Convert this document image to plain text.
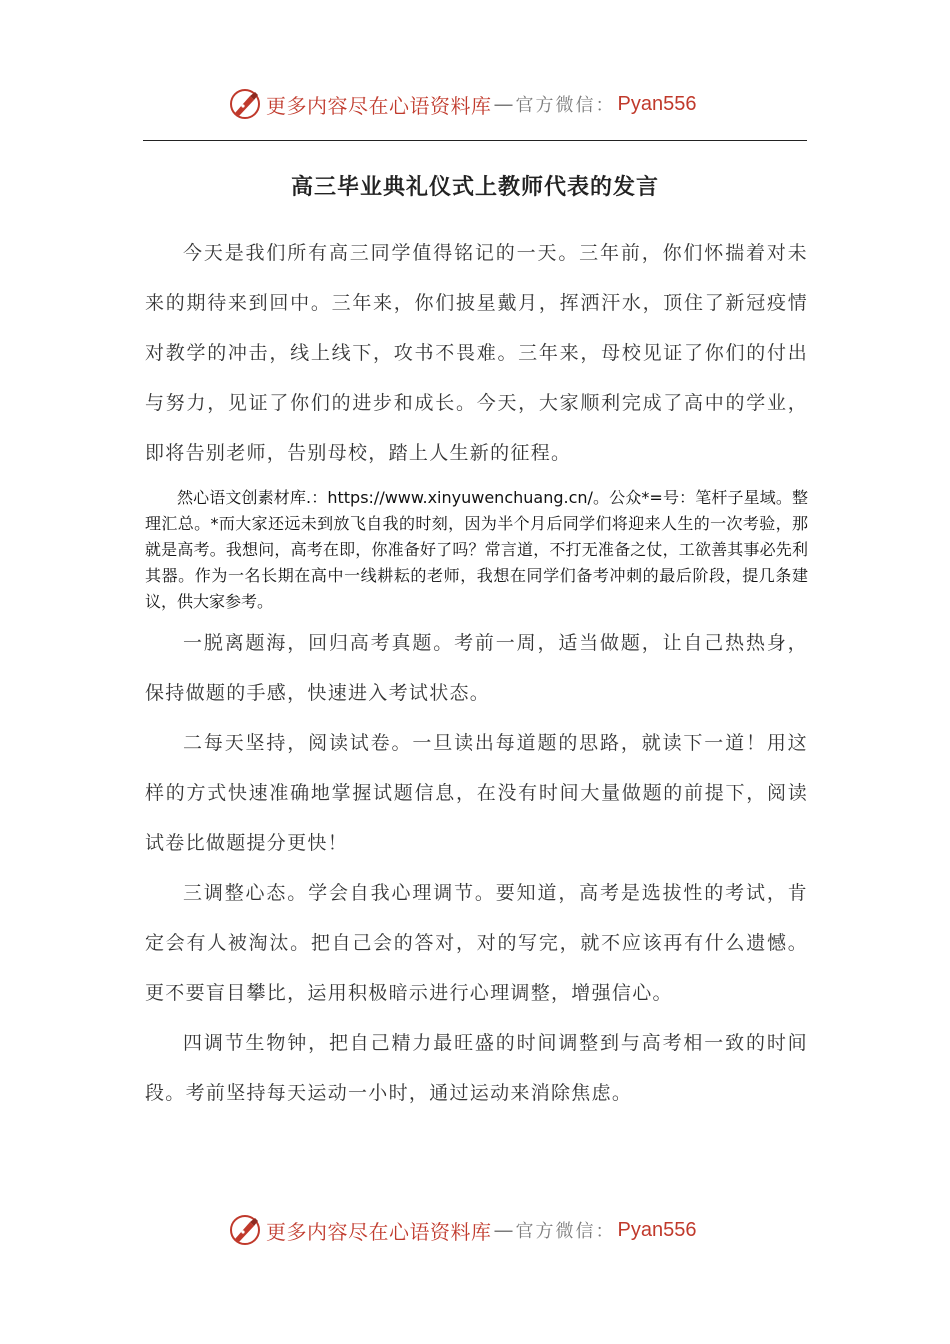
更多内容尽在心语资料库 — 官方微信： Pyan556
高三毕业典礼仪式上教师代表的发言

今天是我们所有高三同学值得铭记的一天。三年前，你们怀揣着对未来的期待来到回中。三年来，你们披星戴月，挥洒汗水，顶住了新冠疫情对教学的冲击，线上线下，攻书不畏难。三年来，母校见证了你们的付出与努力，见证了你们的进步和成长。今天，大家顺利完成了高中的学业，即将告别老师，告别母校，踏上人生新的征程。

然心语文创素材库.：https://www.xinyuwenchuang.cn/。公众*=号：笔杆子星域。整理汇总。*而大家还远未到放飞自我的时刻，因为半个月后同学们将迎来人生的一次考验，那就是高考。我想问，高考在即，你准备好了吗？常言道，不打无准备之仗，工欲善其事必先利其器。作为一名长期在高中一线耕耘的老师，我想在同学们备考冲刺的最后阶段，提几条建议，供大家参考。

一脱离题海，回归高考真题。考前一周，适当做题，让自己热热身，保持做题的手感，快速进入考试状态。

二每天坚持，阅读试卷。一旦读出每道题的思路，就读下一道！用这样的方式快速准确地掌握试题信息，在没有时间大量做题的前提下，阅读试卷比做题提分更快！

三调整心态。学会自我心理调节。要知道，高考是选拔性的考试，肯定会有人被淘汰。把自己会的答对，对的写完，就不应该再有什么遗憾。更不要盲目攀比，运用积极暗示进行心理调整，增强信心。

四调节生物钟，把自己精力最旺盛的时间调整到与高考相一致的时间段。考前坚持每天运动一小时，通过运动来消除焦虑。

更多内容尽在心语资料库 — 官方微信： Pyan556
